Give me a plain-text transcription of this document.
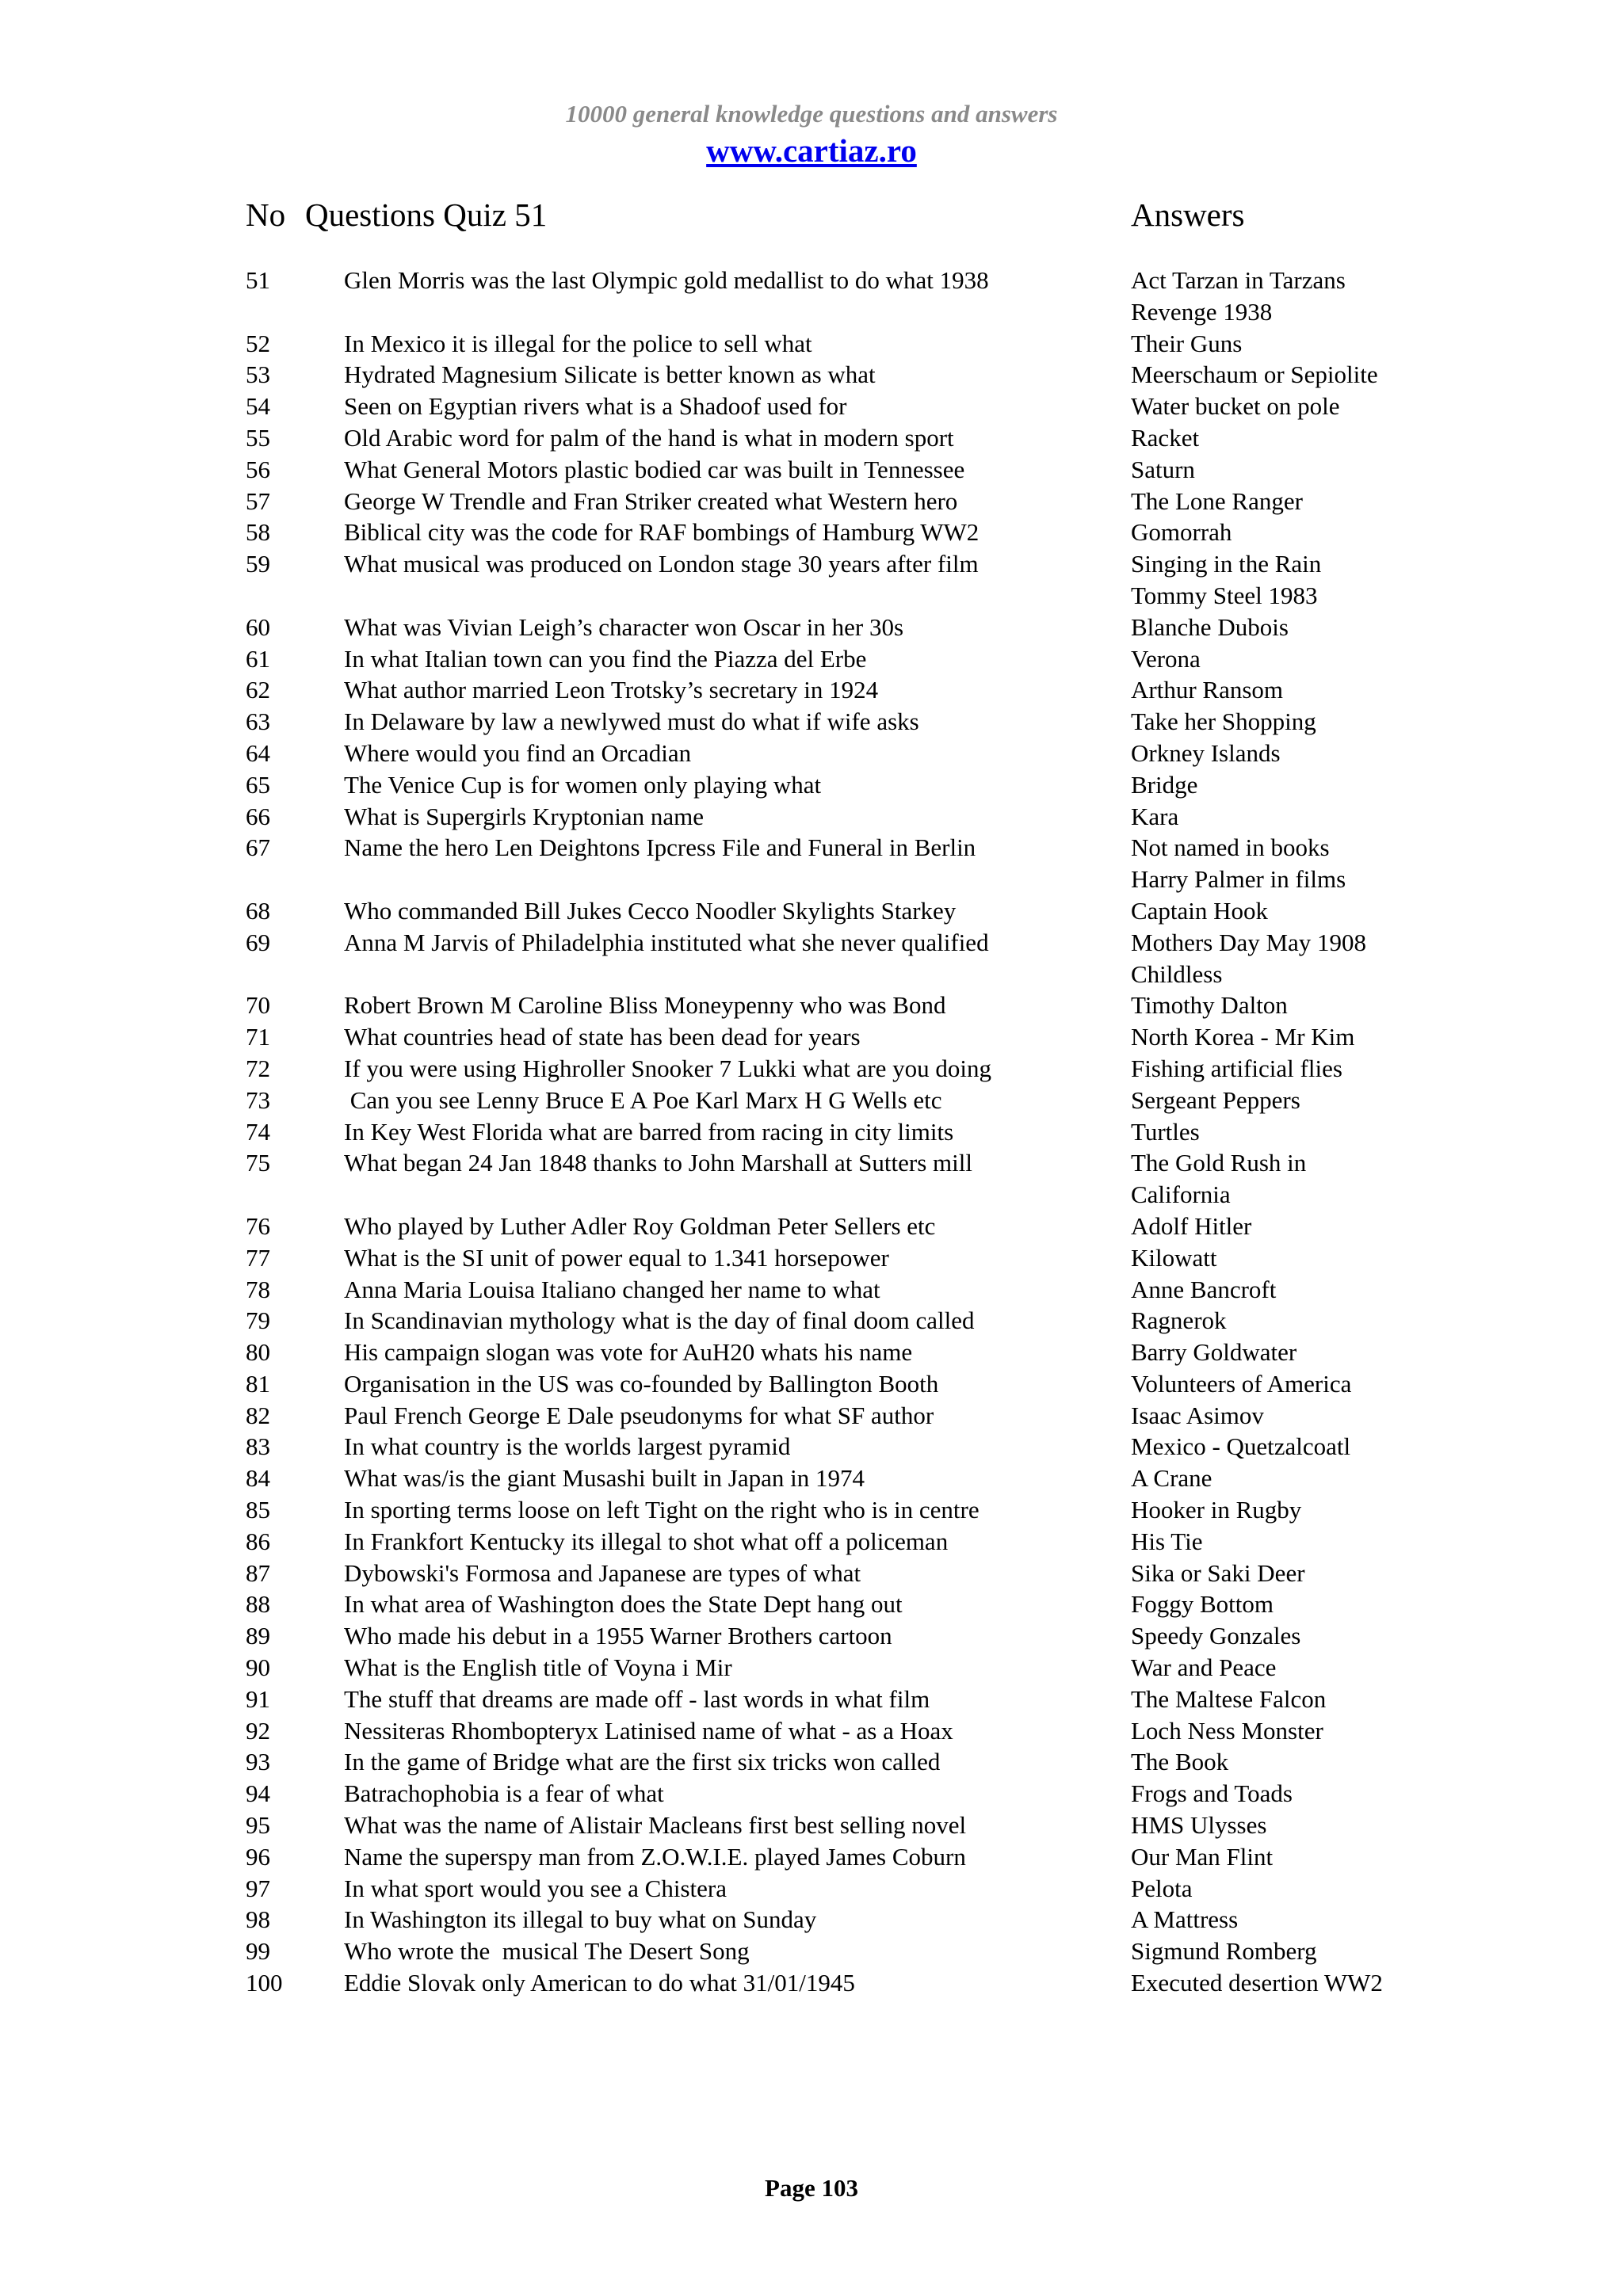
10000 general knowledge questions and answers
www.cartiaz.ro
No Questions Quiz 51	Answers
51	Glen Morris was the last Olympic gold medallist to do what 1938	Act Tarzan in Tarzans Revenge 1938
52	In Mexico it is illegal for the police to sell what	Their Guns
53	Hydrated Magnesium Silicate is better known as what	Meerschaum or Sepiolite
54	Seen on Egyptian rivers what is a Shadoof used for	Water bucket on pole
55	Old Arabic word for palm of the hand is what in modern sport	Racket
56	What General Motors plastic bodied car was built in Tennessee	Saturn
57	George W Trendle and Fran Striker created what Western hero	The Lone Ranger
58	Biblical city was the code for RAF bombings of Hamburg WW2	Gomorrah
59	What musical was produced on London stage 30 years after film	Singing in the Rain Tommy Steel 1983
60	What was Vivian Leigh’s character won Oscar in her 30s	Blanche Dubois
61	In what Italian town can you find the Piazza del Erbe	Verona
62	What author married Leon Trotsky’s secretary in 1924	Arthur Ransom
63	In Delaware by law a newlywed must do what if wife asks	Take her Shopping
64	Where would you find an Orcadian	Orkney Islands
65	The Venice Cup is for women only playing what	Bridge
66	What is Supergirls Kryptonian name	Kara
67	Name the hero Len Deightons Ipcress File and Funeral in Berlin	Not named in books Harry Palmer in films
68	Who commanded Bill Jukes Cecco Noodler Skylights Starkey	Captain Hook
69	Anna M Jarvis of Philadelphia instituted what she never qualified	Mothers Day May 1908 Childless
70	Robert Brown M Caroline Bliss Moneypenny who was Bond	Timothy Dalton
71	What countries head of state has been dead for years	North Korea - Mr Kim
72	If you were using Highroller Snooker 7 Lukki what are you doing	Fishing artificial flies
73	Can you see Lenny Bruce E A Poe Karl Marx H G Wells etc	Sergeant Peppers
74	In Key West Florida what are barred from racing in city limits	Turtles
75	What began 24 Jan 1848 thanks to John Marshall at Sutters mill	The Gold Rush in California
76	Who played by Luther Adler Roy Goldman Peter Sellers etc	Adolf Hitler
77	What is the SI unit of power equal to 1.341 horsepower	Kilowatt
78	Anna Maria Louisa Italiano changed her name to what	Anne Bancroft
79	In Scandinavian mythology what is the day of final doom called	Ragnerok
80	His campaign slogan was vote for AuH20 whats his name	Barry Goldwater
81	Organisation in the US was co-founded by Ballington Booth	Volunteers of America
82	Paul French George E Dale pseudonyms for what SF author	Isaac Asimov
83	In what country is the worlds largest pyramid	Mexico - Quetzalcoatl
84	What was/is the giant Musashi built in Japan in 1974	A Crane
85	In sporting terms loose on left Tight on the right who is in centre	Hooker in Rugby
86	In Frankfort Kentucky its illegal to shot what off a policeman	His Tie
87	Dybowski's Formosa and Japanese are types of what	Sika or Saki Deer
88	In what area of Washington does the State Dept hang out	Foggy Bottom
89	Who made his debut in a 1955 Warner Brothers cartoon	Speedy Gonzales
90	What is the English title of Voyna i Mir	War and Peace
91	The stuff that dreams are made off - last words in what film	The Maltese Falcon
92	Nessiteras Rhombopteryx Latinised name of what - as a Hoax	Loch Ness Monster
93	In the game of Bridge what are the first six tricks won called	The Book
94	Batrachophobia is a fear of what	Frogs and Toads
95	What was the name of Alistair Macleans first best selling novel	HMS Ulysses
96	Name the superspy man from Z.O.W.I.E. played James Coburn	Our Man Flint
97	In what sport would you see a Chistera	Pelota
98	In Washington its illegal to buy what on Sunday	A Mattress
99	Who wrote the  musical The Desert Song	Sigmund Romberg
100	Eddie Slovak only American to do what 31/01/1945	Executed desertion WW2
Page 103
